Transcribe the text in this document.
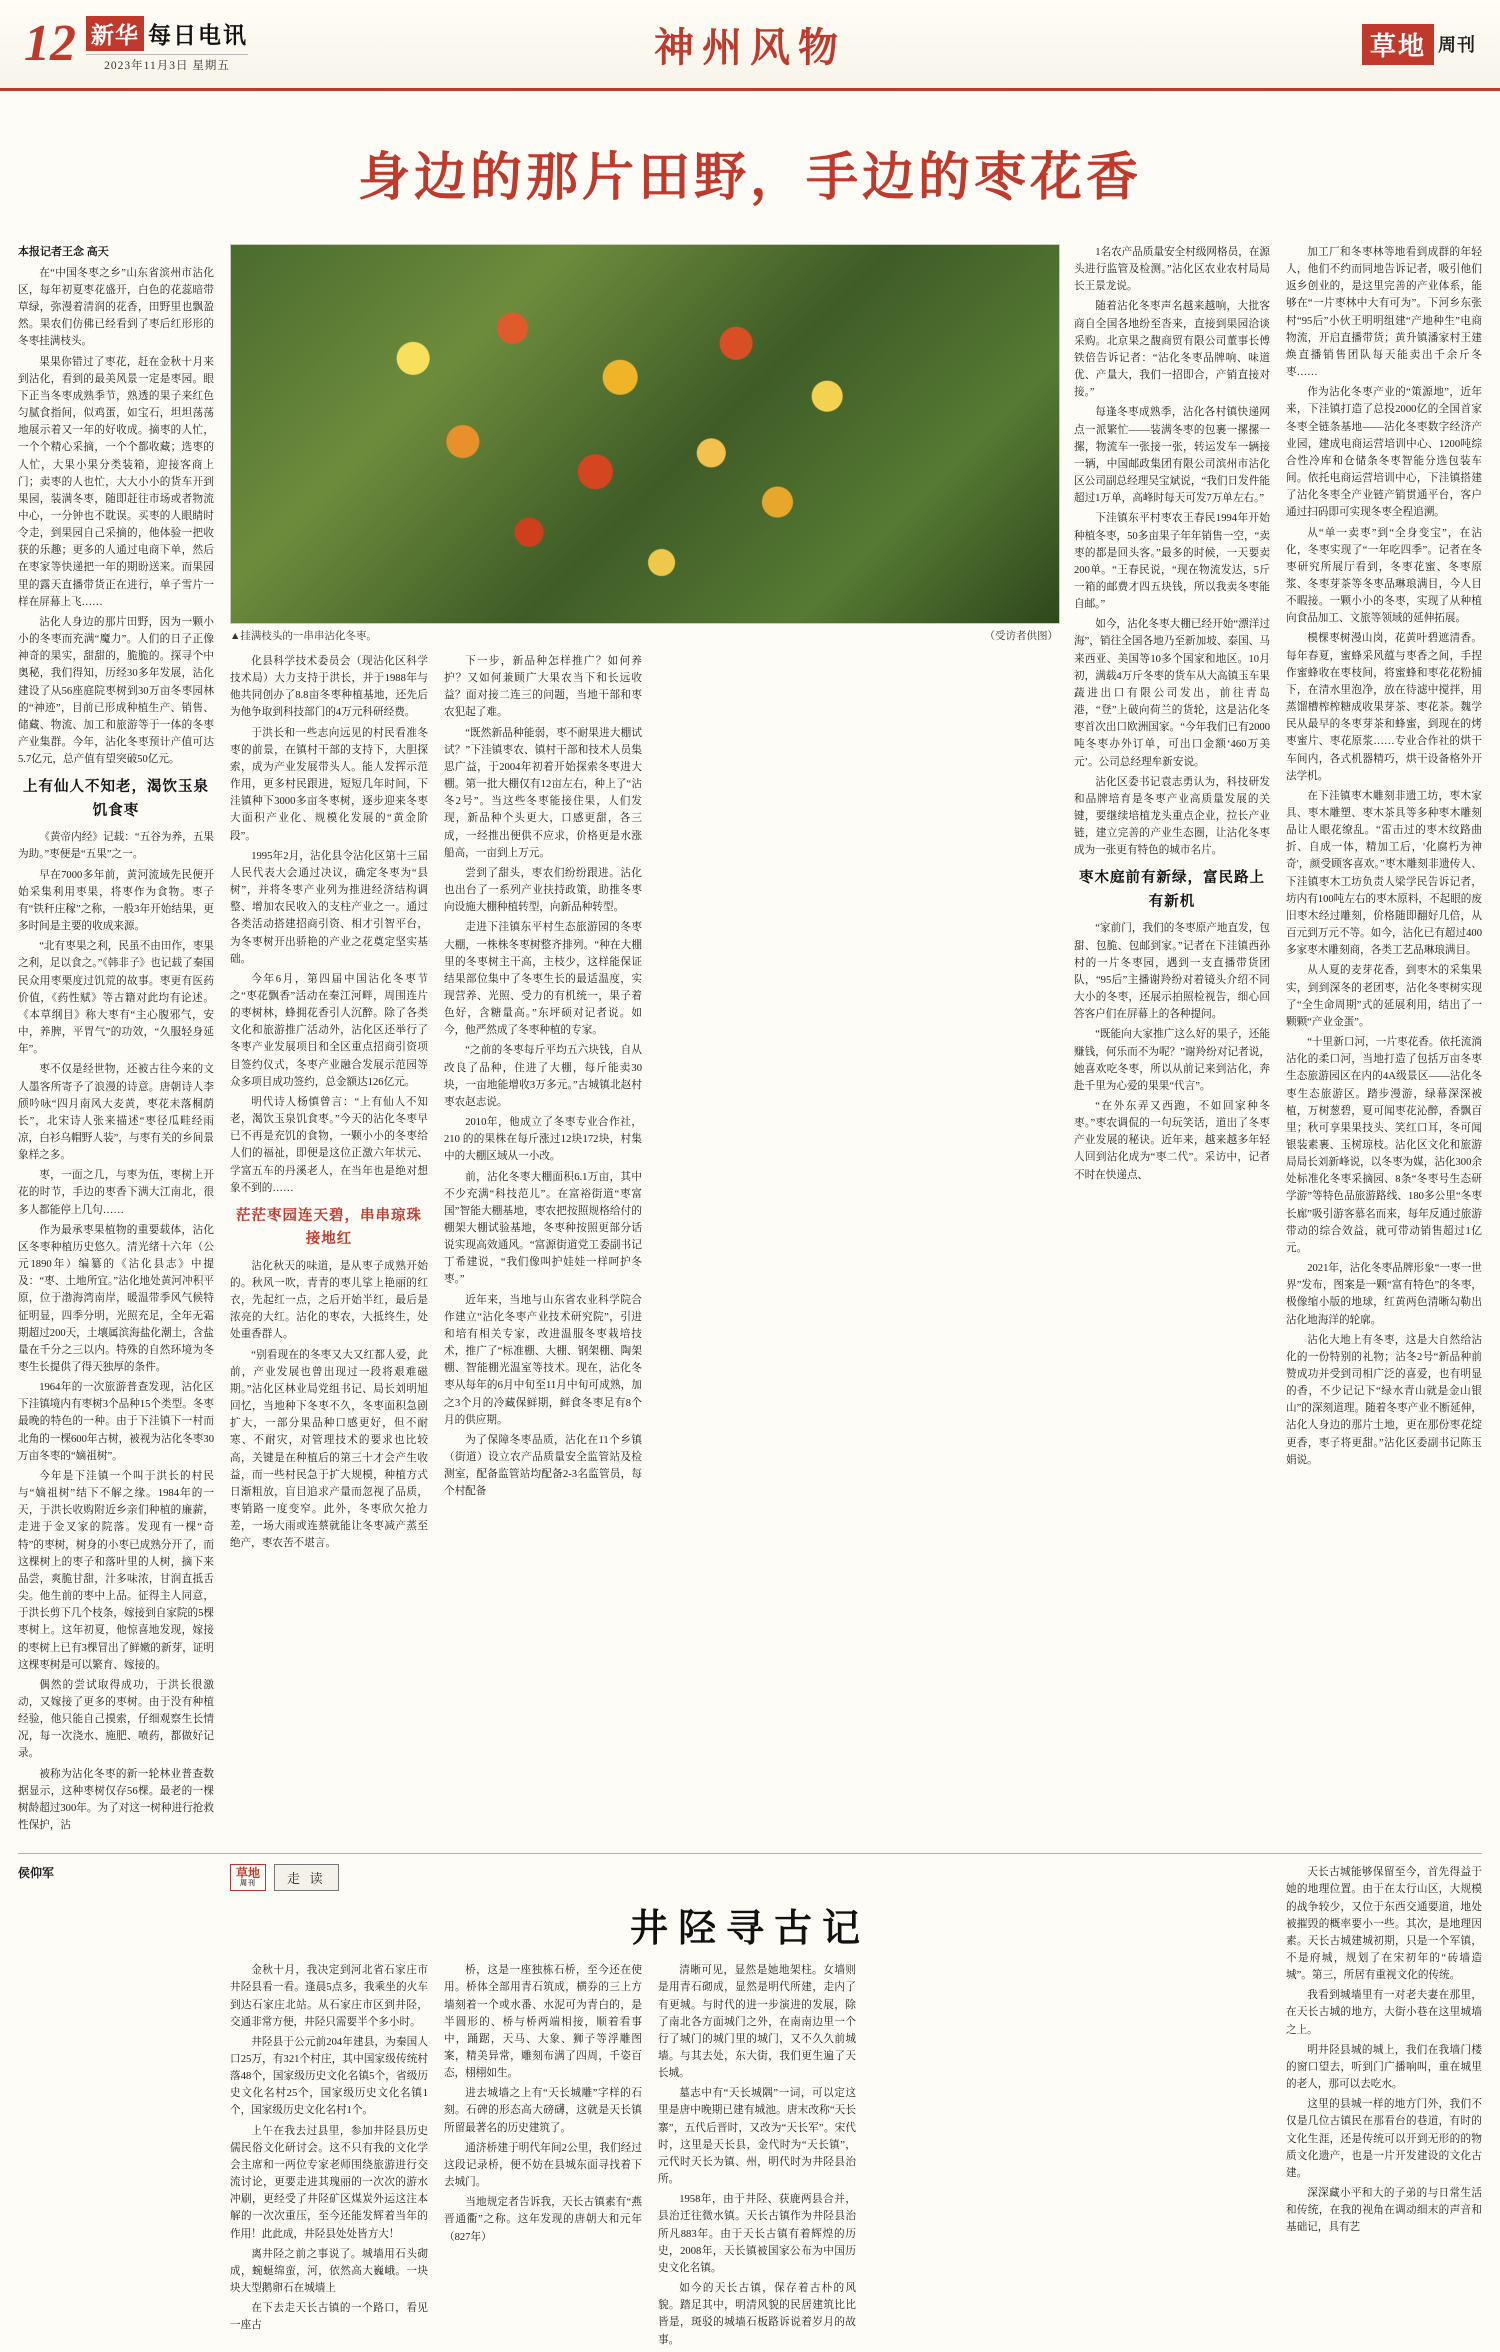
12 新华 每日电讯
2023年11月3日 星期五	神州风物	草地 周刊
身边的那片田野，手边的枣花香

本报记者王念 高天

在“中国冬枣之乡”山东省滨州市沾化区，每年初夏枣花盛开，白色的花蕊暗带草绿，弥漫着清润的花香，田野里也飘盈然。果农们仿佛已经看到了枣后红形形的冬枣挂满枝头。

果果你错过了枣花，赶在金秋十月来到沾化，看到的最美风景一定是枣园。眼下正当冬枣成熟季节，熟透的果子来红色匀腻食指间，似鸡蛋，如宝石，坦坦荡荡地展示着又一年的好收成。摘枣的人忙，一个个精心采摘，一个个都收藏；选枣的人忙，大果小果分类装箱，迎接客商上门；卖枣的人也忙，大大小小的货车开到果园，装满冬枣，随即赶往市场或者物流中心，一分钟也不耽误。买枣的人眼睛时令走，到果园自己采摘的，他体验一把收获的乐趣；更多的人通过电商下单，然后在枣家等快递把一年的期盼送来。而果园里的露天直播带货正在进行，单子雪片一样在屏幕上飞……

沾化人身边的那片田野，因为一颗小小的冬枣而充满“魔力”。人们的日子正像神奇的果实，甜甜的，脆脆的。探寻个中奥秘，我们得知，历经30多年发展，沾化建设了从56座庭院枣树到30万亩冬枣园林的“神迹”，目前已形成种植生产、销售、储藏、物流、加工和旅游等于一体的冬枣产业集群。今年，沾化冬枣预计产值可达5.7亿元，总产值有望突破50亿元。

上有仙人不知老，渴饮玉泉饥食枣

《黄帝内经》记载：“五谷为养，五果为助。”枣便是“五果”之一。

早在7000多年前，黄河流域先民便开始采集利用枣果，将枣作为食物。枣子有“铁秆庄稼”之称，一般3年开始结果，更多时间是主要的收成来源。

“北有枣果之利，民虽不由田作，枣果之利，足以食之。”《韩非子》也记载了秦国民众用枣栗度过饥荒的故事。枣更有医药价值，《药性赋》等古籍对此均有论述。《本草纲目》称大枣有“主心腹邪气，安中，养脾，平胃气”的功效，“久服轻身延年”。

枣不仅是经世物，还被古往今来的文人墨客所寄予了浪漫的诗意。唐朝诗人李颀吟咏“四月南风大麦黄，枣花未落桐荫长”，北宋诗人张来描述“枣径瓜畦经雨凉，白衫乌帽野人装”，与枣有关的乡间景象样之多。

枣，一面之几，与枣为伍，枣树上开花的时节，手边的枣香下满大江南北，很多人都能停上几句……

作为最承枣果植物的重要载体，沾化区冬枣种植历史悠久。清光绪十六年（公元1890年）编纂的《沾化县志》中提及：“枣、土地所宜。”沾化地处黄河冲积平原，位于渤海湾南岸，暖温带季风气候特征明显，四季分明，光照充足，全年无霜期超过200天，土壤属滨海盐化潮土，含盐量在千分之三以内。特殊的自然环境为冬枣生长提供了得天独厚的条件。

1964年的一次旅游普查发现，沾化区下洼镇境内有枣树3个品种15个类型。冬枣最晚的特色的一种。由于下洼镇下一村而北角的一棵600年古树，被视为沾化冬枣30万亩冬枣的“嫡祖树”。

今年是下洼镇一个叫于洪长的村民与“嫡祖树”结下不解之缘。1984年的一天，于洪长收购附近乡亲们种植的廉薪，走进于金叉家的院落。发现有一棵“奇特”的枣树，树身的小枣已成熟分开了，而这棵树上的枣子和落叶里的人树，摘下来品尝，爽脆甘甜，汁多味浓，甘润直抵舌尖。他生前的枣中上品。征得主人同意，于洪长剪下几个枝条，嫁接到自家院的5棵枣树上。这年初夏，他惊喜地发现，嫁接的枣树上已有3棵冒出了鲜嫩的新芽，证明这棵枣树是可以繁育、嫁接的。

偶然的尝试取得成功，于洪长很激动，又嫁接了更多的枣树。由于没有种植经验，他只能自己摸索，仔细观察生长情况，每一次浇水、施肥、喷药，都做好记录。

被称为沾化冬枣的新一轮林业普查数据显示，这种枣树仅存56棵。最老的一棵树龄超过300年。为了对这一树种进行抢救性保护，沾

▲挂满枝头的一串串沾化冬枣。	（受访者供图）

化县科学技术委员会（现沾化区科学技术局）大力支持于洪长，并于1988年与他共同创办了8.8亩冬枣种植基地，还先后为他争取到科技部门的4万元科研经费。

于洪长和一些志向远见的村民看准冬枣的前景，在镇村干部的支持下，大胆探索，成为产业发展带头人。能人发挥示范作用，更多村民跟进，短短几年时间，下洼镇种下3000多亩冬枣树，逐步迎来冬枣大面积产业化、规模化发展的“黄金阶段”。

1995年2月，沾化县令沾化区第十三届人民代表大会通过决议，确定冬枣为“县树”，并将冬枣产业列为推进经济结构调整、增加农民收入的支柱产业之一。通过各类活动搭建招商引资、相才引智平台，为冬枣树开出骄艳的产业之花奠定坚实基础。

今年6月，第四届中国沾化冬枣节之“枣花飘香”活动在秦江河畔，周围连片的枣树林，蜂拥花香引人沉醉。除了各类文化和旅游推广活动外，沾化区还举行了冬枣产业发展项目和全区重点招商引资项目签约仪式，冬枣产业融合发展示范园等众多项目成功签约，总金额达126亿元。

明代诗人杨慎曾言：“上有仙人不知老，渴饮玉泉饥食枣。”今天的沾化冬枣早已不再是充饥的食物，一颗小小的冬枣给人们的福祉，即便是这位正激六年状元、学富五车的丹溪老人，在当年也是绝对想象不到的……

茫茫枣园连天碧，串串琼珠接地红

沾化秋天的味道，是从枣子成熟开始的。秋风一吹，青青的枣儿挲上艳丽的红衣，先起红一点，之后开始半红，最后是浓亮的大红。沾化的枣农，大抵终生，处处重香群人。

“别看现在的冬枣又大又红都人爱，此前，产业发展也曾出现过一段将艰难磁期。”沾化区林业局党组书记、局长刘明旭回忆，当地种下冬枣不久，冬枣面积急剧扩大，一部分果品种口感更好，但不耐寒、不耐灾，对管理技术的要求也比较高，关键是在种植后的第三十才会产生收益，而一些村民急于扩大规模，种植方式日渐粗放，盲目追求产量而忽视了品质，枣销路一度变窄。此外，冬枣欣欠抢力差，一场大雨或连蔡就能让冬枣减产蒸至绝产，枣农苦不堪言。

下一步，新品种怎样推广？如何养护？又如何兼顾广大果农当下和长远收益？面对接二连三的问题，当地干部和枣农犯起了难。

“既然新品种能弱，枣不耐果进大棚试试？”下洼镇枣农、镇村干部和技术人员集思广益，于2004年初着开始探索冬枣进大棚。第一批大棚仅有12亩左右，种上了“沾冬2号”。当这些冬枣能接住果，人们发现，新品种个头更大，口感更甜，各三成，一经推出便供不应求，价格更是水涨船高，一亩到上万元。

尝到了甜头，枣农们纷纷跟进。沾化也出台了一系列产业扶持政策，助推冬枣向设施大棚种植转型，向新品种转型。

走进下洼镇东平村生态旅游园的冬枣大棚，一株株冬枣树整齐排列。“种在大棚里的冬枣树主干高，主枝少，这样能保证结果部位集中了冬枣生长的最适温度，实现营养、光照、受力的有机统一，果子着色好，含糖量高。”东坪硕对记者说。如今，他严然成了冬枣种植的专家。

“之前的冬枣每斤平均五六块钱，自从改良了品种，住进了大棚，每斤能卖30块，一亩地能增收3万多元。”古城镇北赵村枣农赵志说。

2010年，他成立了冬枣专业合作社，210 的的果株在每斤涨过12块172块，村集中的大棚区域从一小改。

前，沾化冬枣大棚面积6.1万亩，其中不少充满“科技范儿”。在富裕街道“枣富国”智能大棚基地，枣农把按照规格给付的棚架大棚试验基地，冬枣种按照更部分话说实现高效通风。“富源街道党工委副书记丁希建说，“我们像叫护娃娃一样呵护冬枣。”

近年来，当地与山东省农业科学院合作建立“沾化冬枣产业技术研究院”，引进和培有相关专家，改进温服冬枣栽培技术，推广了“标准棚、大棚、钢架棚、陶架棚、智能棚光温室等技术。现在，沾化冬枣从每年的6月中旬至11月中旬可成熟，加之3个月的冷藏保鲜期，鲜食冬枣足有8个月的供应期。

为了保障冬枣品质，沾化在11个乡镇（街道）设立农产品质量安全监管站及检测室，配备监管站均配备2-3名监管员，每个村配备

1名农产品质量安全村级网格员，在源头进行监管及检测。”沾化区农业农村局局长王景龙说。

随着沾化冬枣声名越来越响，大批客商自全国各地纷至沓来，直接到果园洽谈采购。北京果之馥商贸有限公司董事长傅铁倍告诉记者：“沾化冬枣品牌响、味道优、产量大，我们一招即合，产销直接对接。”

每逢冬枣成熟季，沾化各村镇快递网点一派繁忙——装满冬枣的包裹一摞摞一摞，物流车一张接一张，转运发车一辆接一辆，中国邮政集团有限公司滨州市沾化区公司副总经理吴宝斌说，“我们日发件能超过1万单，高峰时每天可发7万单左右。”

下洼镇东平村枣农王春民1994年开始种植冬枣，50多亩果子年年销售一空，“卖枣的都是回头客。”最多的时候，一天要卖200单。“王春民说，“现在物流发达，5斤一箱的邮费才四五块钱，所以我卖冬枣能自邮。”

如今，沾化冬枣大棚已经开始“漂洋过海”，销往全国各地乃至新加坡、泰国、马来西亚、美国等10多个国家和地区。10月初，满载4万斤冬枣的货车从大高镇玉车果蔬进出口有限公司发出，前往青岛港，“登”上破向荷兰的货轮，这是沾化冬枣首次出口欧洲国家。“今年我们已有2000吨冬枣办外订单，可出口金额‘460万美元’。公司总经理牟新安说。

沾化区委书记袁志勇认为，科技研发和品牌培育是冬枣产业高质量发展的关键，要继续培植龙头重点企业，拉长产业链，建立完善的产业生态圈，让沾化冬枣成为一张更有特色的城市名片。

枣木庭前有新绿，富民路上有新机

“家前门，我们的冬枣原产地直发，包甜、包脆、包邮到家。”记者在下洼镇西孙村的一片冬枣园，遇到一支直播带货团队，“95后”主播谢羚纷对着镜头介绍不同大小的冬枣，还展示拍照检视告，细心回答客户们在屏幕上的各种提问。

“既能向大家推广这么好的果子，还能赚钱，何乐而不为呢？”谢羚纷对记者说，她喜欢吃冬枣，所以从前记来到沾化，奔赴千里为心爱的果果“代言”。

“在外东弄又西跑，不如回家种冬枣。”枣农调侃的一句玩笑话，道出了冬枣产业发展的秘诀。近年来，越来越多年轻人回到沾化成为“枣二代”。采访中，记者不时在快递点、

加工厂和冬枣林等地看到成群的年轻人，他们不约而同地告诉记者，吸引他们返乡创业的，是这里完善的产业体系，能够在“一片枣林中大有可为”。下河乡东张村“95后”小伙王明明组建“产地种生”电商物流，开启直播带货；黄升镇潘家村王建焕直播销售团队每天能卖出千余斤冬枣……

作为沾化冬枣产业的“策源地”，近年来，下洼镇打造了总投2000亿的全国首家冬枣全链条基地——沾化冬枣数字经济产业园，建成电商运营培训中心、1200吨综合性冷库和仓储条冬枣智能分选包装车间。依托电商运营培训中心，下洼镇搭建了沾化冬枣全产业链产销贯通平台，客户通过扫码即可实现冬枣全程追溯。

从“单一卖枣”到“全身变宝”，在沾化，冬枣实现了“一年吃四季”。记者在冬枣研究所展厅看到，冬枣花蜜、冬枣原浆、冬枣芽茶等冬枣品琳琅满目，今人目不暇接。一颗小小的冬枣，实现了从种植向食品加工、文旅等领域的延伸拓展。

模棵枣树漫山岗，花黄叶碧遮清香。每年春夏，蜜蜂采风蕴与枣香之间，手捏作蜜蜂收在枣枝间，将蜜蜂和枣花花粉捕下，在清水里泡净，放在待滤中搅拌，用蒸馏槽榨榨糖成收果芽茶、枣花茶。魏学民从最早的冬枣芽茶和蜂蜜，到现在的烤枣蜜片、枣花原浆……专业合作社的烘干车间内，各式机器精巧，烘干设备格外开法学机。

在下洼镇枣木雕刻非遗工坊，枣木家具、枣木雕塑、枣木茶具等多种枣木雕刻品让人眼花缭乱。“雷击过的枣木纹路曲折、自成一体，精加工后，'化腐朽为神奇'，颜受顾客喜欢。”枣木雕刻非遗传人、下洼镇枣木工坊负责人梁学民告诉记者，坊内有100吨左右的枣木原料，不起眼的废旧枣木经过雕刻，价格随即翻好几倍，从百元到万元不等。如今，沾化已有超过400多家枣木雕刻商，各类工艺品琳琅满目。

从人夏的麦芽花香，到枣木的采集果实，到到深冬的老团枣，沾化冬枣树实现了“全生命周期”式的延展利用，结出了一颗颗“产业金蛋”。

“十里新口河，一片枣花香。依托流淌沾化的柔口河，当地打造了包括万亩冬枣生态旅游园区在内的4A级景区——沾化冬枣生态旅游区。踏步漫游，绿幕深深被植，万树葱碧，夏可闻枣花沁醉，香飘百里；秋可享果果技头、笑红口耳，冬可闻银装素裹、玉树琼枝。沾化区文化和旅游局局长刘新峰说，以冬枣为媒，沾化300余处标准化冬枣采摘园、8条“冬枣号生态研学游”等特色品旅游路线、180多公里“冬枣长廊”吸引游客慕名而来，每年反通过旅游带动的综合效益，就可带动销售超过1亿元。

2021年，沾化冬枣品牌形象“一枣一世界”发布，图案是一颗“富有特色”的冬枣，极像缩小版的地球，红黄两色清晰勾勒出沾化地海洋的轮廓。

沾化大地上有冬枣，这是大自然给沾化的一份特别的礼物；沾冬2号“新品种前赞成功并受到司相广泛的喜爱，也有明显的香，不少记记下“绿水青山就是金山银山”的深刻道理。随着冬枣产业不断延伸，沾化人身边的那片土地，更在那份枣花绽更香，枣子将更甜。”沾化区委副书记陈玉娟说。

侯仰军	草地
周刊	走 读
井陉寻古记

金秋十月，我决定到河北省石家庄市井陉县看一看。逢晨5点多，我乘坐的火车到达石家庄北站。从石家庄市区到井陉，交通非常方便，井陉只需要半个多小时。

井陉县于公元前204年建县，为秦国人口25万，有321个村庄，其中国家级传统村落48个，国家级历史文化名镇5个，省级历史文化名村25个，国家级历史文化名镇1个，国家级历史文化名村1个。

上午在我去过县里，参加井陉县历史儒民俗文化研讨会。这不只有我的文化学会主席和一两位专家老师围绕旅游进行交流讨论，更要走进其瑰丽的一次次的游水冲刷，更经受了井陉矿区煤炭外运这注本解的一次次重压，至今还能发辉着当年的作用！此此成，井陉县处处皆方大！

离井陉之前之事说了。城墙用石头砌成，蜿蜒绵蛮，河，依然高大巍峨。一块块大型鹅卵石在城墙上

在下去走天长古镇的一个路口，看见一座古

桥，这是一座独栋石桥，至今还在使用。桥体全部用青石筑成，横券的三上方墙刻着一个或水番、水泥可为青白的，是半圆形的、桥与桥两端相接，顺着看事中，踊踞，天马、大象、狮子等浮雕图案，精美异常，雕刻布满了四周，千姿百态，栩栩如生。

进去城墙之上有“天长城雕”字样的石刻。石碑的形态高大磅礴，这就是天长镇所留最著名的历史建筑了。

通济桥建于明代年间2公里，我们经过这段记录桥，便不妨在县城东面寻找着下去城门。

当地规定者告诉我，天长古镇素有“燕晋通衢”之称。这年发现的唐朝大和元年（827年）

清晰可见，显然是她地架柱。女墙则是用青石砌成，显然是明代所建，走内了有更城。与时代的进一步演进的发展，除了南北各方面城门之外，在南南边里一个行了城门的城门里的城门，又不久久前城墙。与其去处，东大街，我们更生遍了天长城。

墓志中有“天长城隅”一词，可以定这里是唐中晚期已建有城池。唐末改称“天长寨”，五代后晋时，又改为“天长军”。宋代时，这里是天长县，金代时为“天长镇”，元代时天长为镇、州，明代时为井陉县治所。

1958年，由于井陉、获鹿两县合并，县治迁往微水镇。天长古镇作为井陉县治所凡883年。由于天长古镇有着辉煌的历史，2008年，天长镇被国家公布为中国历史文化名镇。

如今的天长古镇，保存着古朴的风貌。踏足其中，明清风貌的民居建筑比比皆是，斑驳的城墙石板路诉说着岁月的故事。

天长古城能够保留至今，首先得益于她的地理位置。由于在太行山区，大规模的战争较少，又位于东西交通要道，地处被摧毁的概率要小一些。其次，是地理因素。天长古城建城初期，只是一个军镇，不是府城，规划了在宋初年的“砖墙造城”。第三，所居有重视文化的传统。

我看到城墙里有一对老夫妻在那里，在天长古城的地方，大街小巷在这里城墙之上。

明井陉县城的城上，我们在我墙门楼的窗口望去，听到门广播响叫，重在城里的老人，那可以去吃水。

这里的县城一样的地方门外，我们不仅是几位古镇民在那看台的巷道，有时的文化生涯，还是传统可以开到无形的的物质文化遗产，也是一片开发建设的文化古建。

深深藏小平和大的子弟的与日常生活和传统，在我的视角在调动细末的声音和基础记，具有艺
